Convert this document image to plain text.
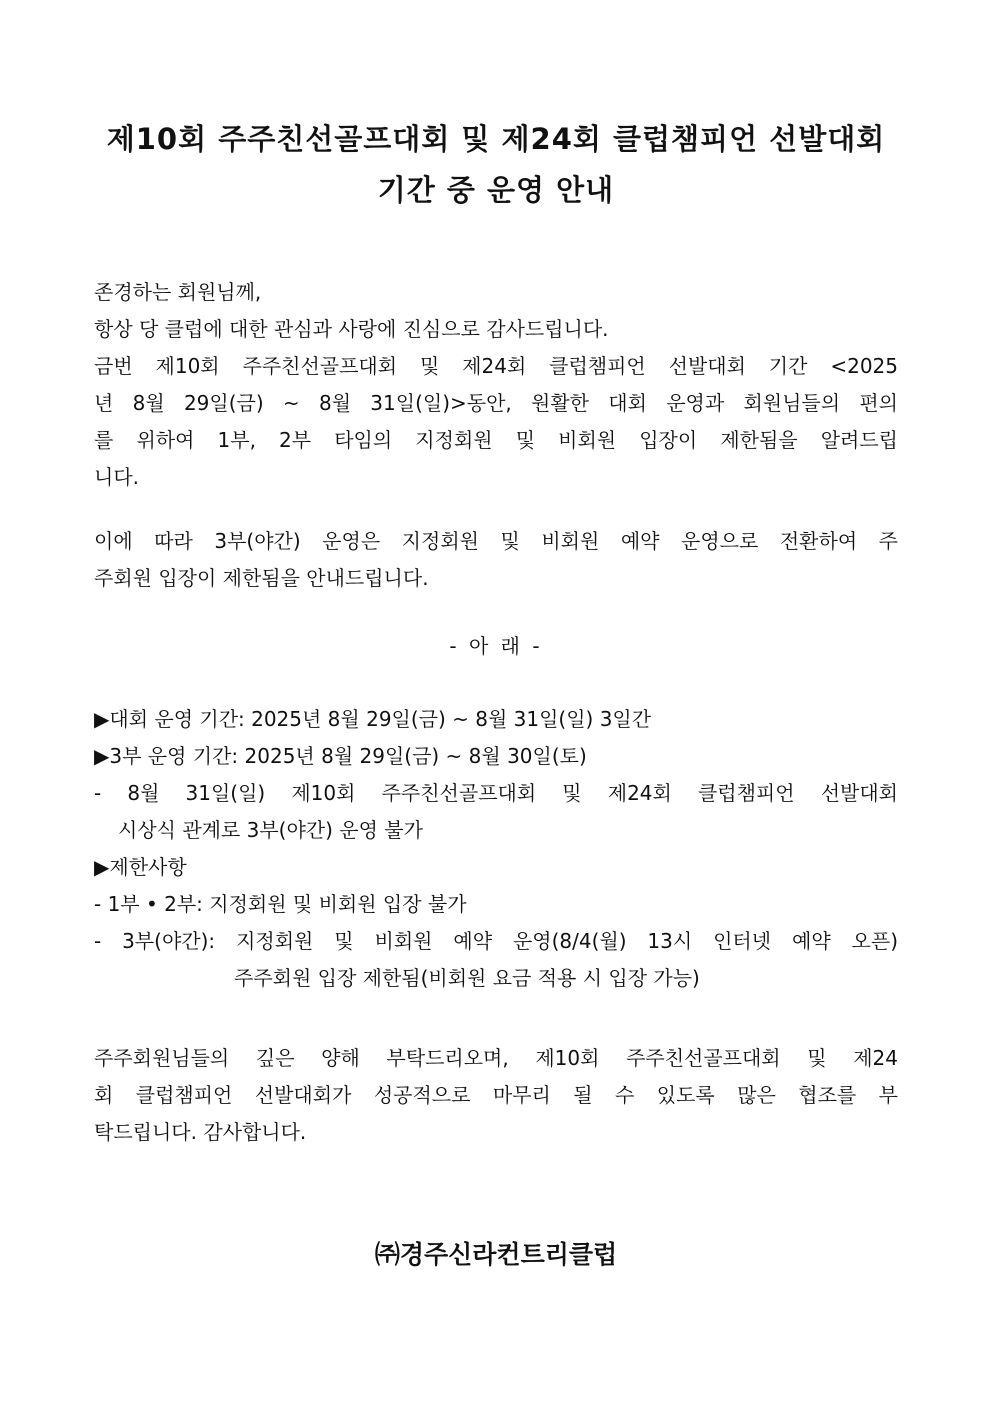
제10회 주주친선골프대회 및 제24회 클럽챔피언 선발대회
기간 중 운영 안내
존경하는 회원님께,
항상 당 클럽에 대한 관심과 사랑에 진심으로 감사드립니다.
금번 제10회 주주친선골프대회 및 제24회 클럽챔피언 선발대회 기간 <2025
년 8월 29일(금) ~ 8월 31일(일)>동안, 원활한 대회 운영과 회원님들의 편의
를 위하여 1부, 2부 타임의 지정회원 및 비회원 입장이 제한됨을 알려드립
니다.
이에 따라 3부(야간) 운영은 지정회원 및 비회원 예약 운영으로 전환하여 주
주회원 입장이 제한됨을 안내드립니다.
- 아 래 -
▶대회 운영 기간: 2025년 8월 29일(금) ~ 8월 31일(일) 3일간
▶3부 운영 기간: 2025년 8월 29일(금) ~ 8월 30일(토)
- 8월 31일(일) 제10회 주주친선골프대회 및 제24회 클럽챔피언 선발대회
시상식 관계로 3부(야간) 운영 불가
▶제한사항
- 1부 • 2부: 지정회원 및 비회원 입장 불가
- 3부(야간): 지정회원 및 비회원 예약 운영(8/4(월) 13시 인터넷 예약 오픈)
주주회원 입장 제한됨(비회원 요금 적용 시 입장 가능)
주주회원님들의 깊은 양해 부탁드리오며, 제10회 주주친선골프대회 및 제24
회 클럽챔피언 선발대회가 성공적으로 마무리 될 수 있도록 많은 협조를 부
탁드립니다. 감사합니다.
㈜경주신라컨트리클럽
